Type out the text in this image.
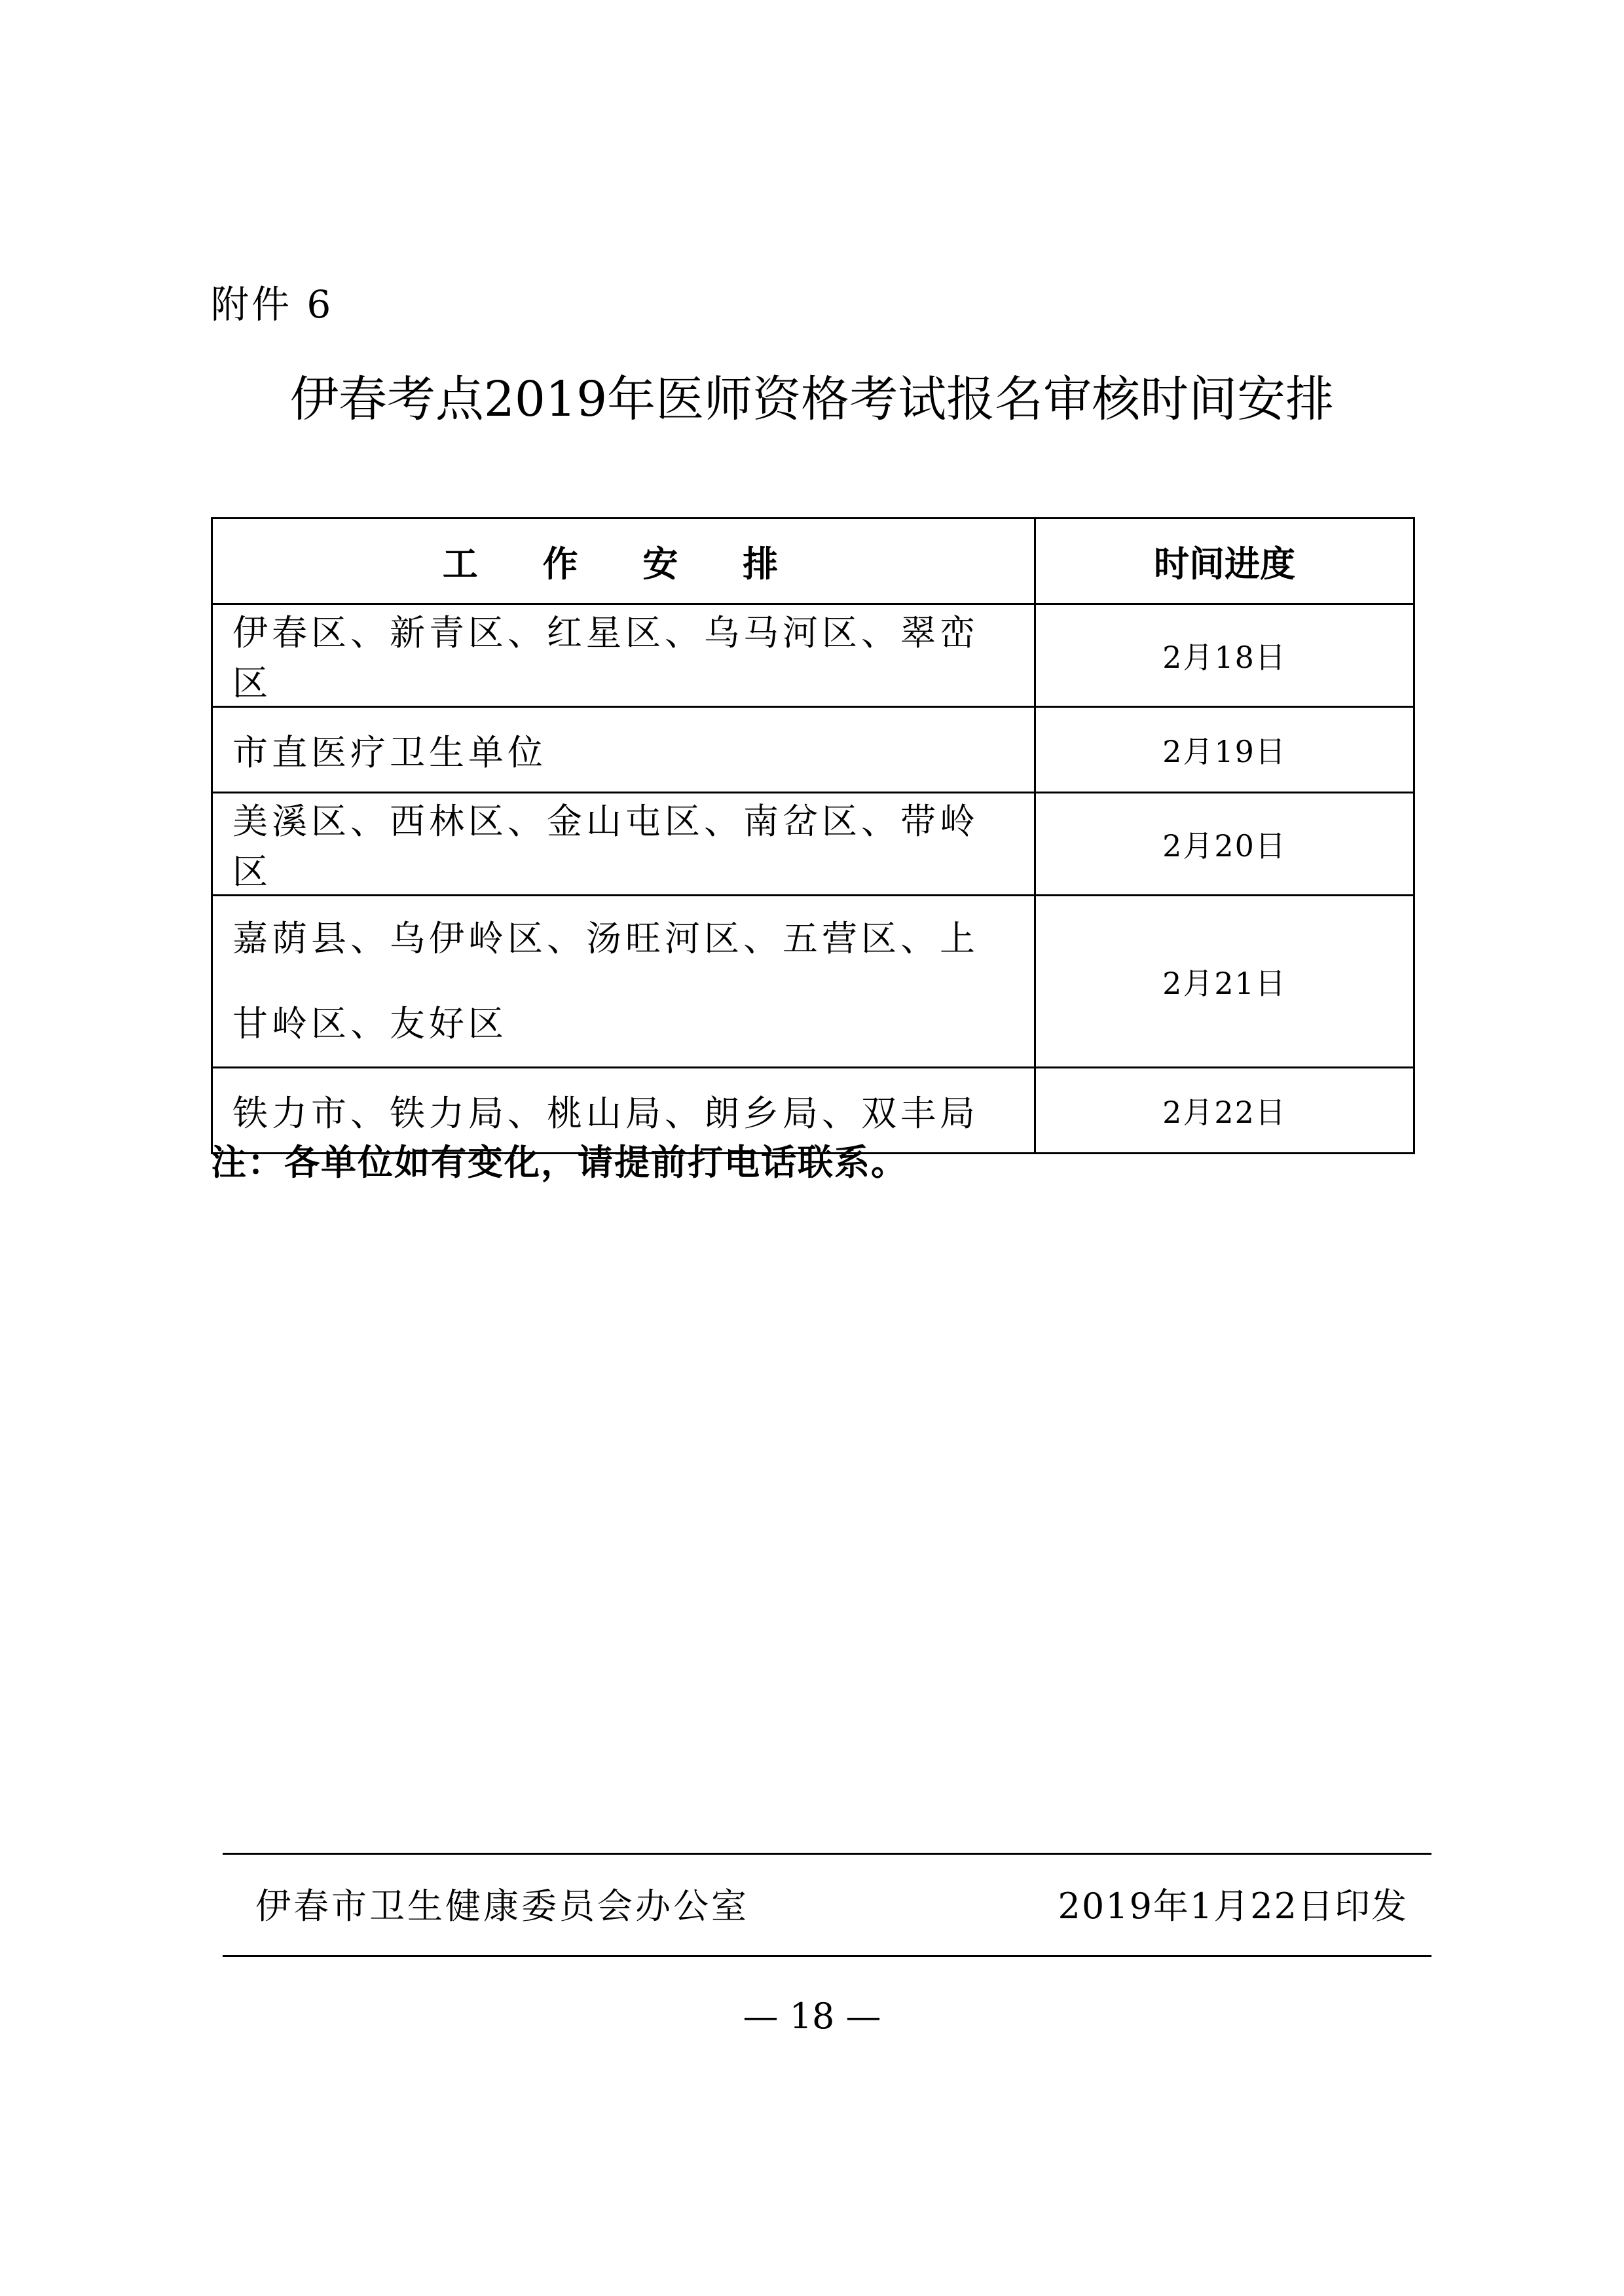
附件 6
伊春考点2019年医师资格考试报名审核时间安排
工 作 安 排	时间进度
伊春区、新青区、红星区、乌马河区、翠峦区	2月18日
市直医疗卫生单位	2月19日
美溪区、西林区、金山屯区、南岔区、带岭区	2月20日
嘉荫县、乌伊岭区、汤旺河区、五营区、上甘岭区、友好区	2月21日
铁力市、铁力局、桃山局、朗乡局、双丰局	2月22日
注：各单位如有变化，请提前打电话联系。
伊春市卫生健康委员会办公室	2019年1月22日印发
— 18 —
